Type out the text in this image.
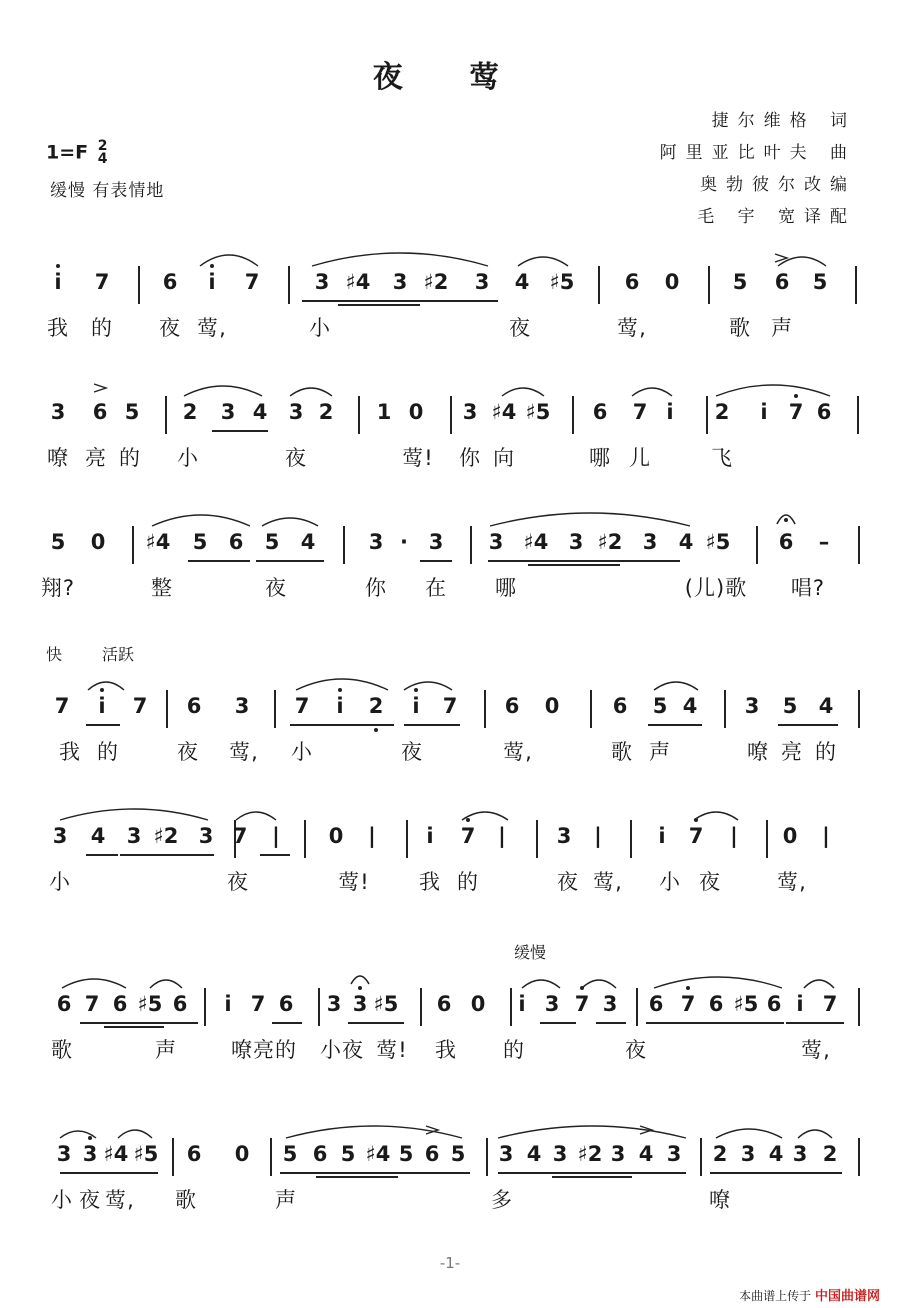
夜 莺
捷尔维格 词
阿里亚比叶夫 曲
奥勃彼尔改编
毛 宇 宽译配
1=F 2
4
缓慢 有表情地
快 活跃
缓慢
i 7	6 i 7	3 ♯4 3 ♯2 3 4 ♯5 6 0	5 6 5
我 的 夜 莺,	小	夜	莺,	歌 声
3 6 5 2 3 4 3 2 1 0 3 ♯4 ♯5 6 7 i 2 i 7 6
嘹 亮 的 小	夜	莺! 你 向	哪 儿	飞
5 0 ♯4 5 6 5 4	3 · 3 3 ♯4 3 ♯2 3 4 ♯5 6 –
翔?	整	夜	你 在 哪	(儿)歌 唱?
7 i 7 6 3 7 i 2 i 7 6 0	6 5 4 3 5 4
我 的	夜 莺, 小	夜	莺,	歌 声	嘹 亮 的
3 4 3 ♯2 3 7 | 0 | i 7 | 3 |	i 7 | 0 |
小	夜	莺! 我 的	夜 莺, 小 夜	莺,
6 7 6 ♯5 6 i 7 6 3 3 ♯5 6 0 i 3 7 3 6 7 6 ♯5 6 i 7
歌	声	嘹亮的 小夜 莺! 我 的	夜	莺,
3 3 ♯4 ♯5 6 0 5 6 5 ♯4 5 6 5 3 4 3 ♯2 3 4 3 2 3 4 3 2
小 夜 莺, 歌	声	多	嘹
-1-
本曲谱上传于 中国曲谱网
